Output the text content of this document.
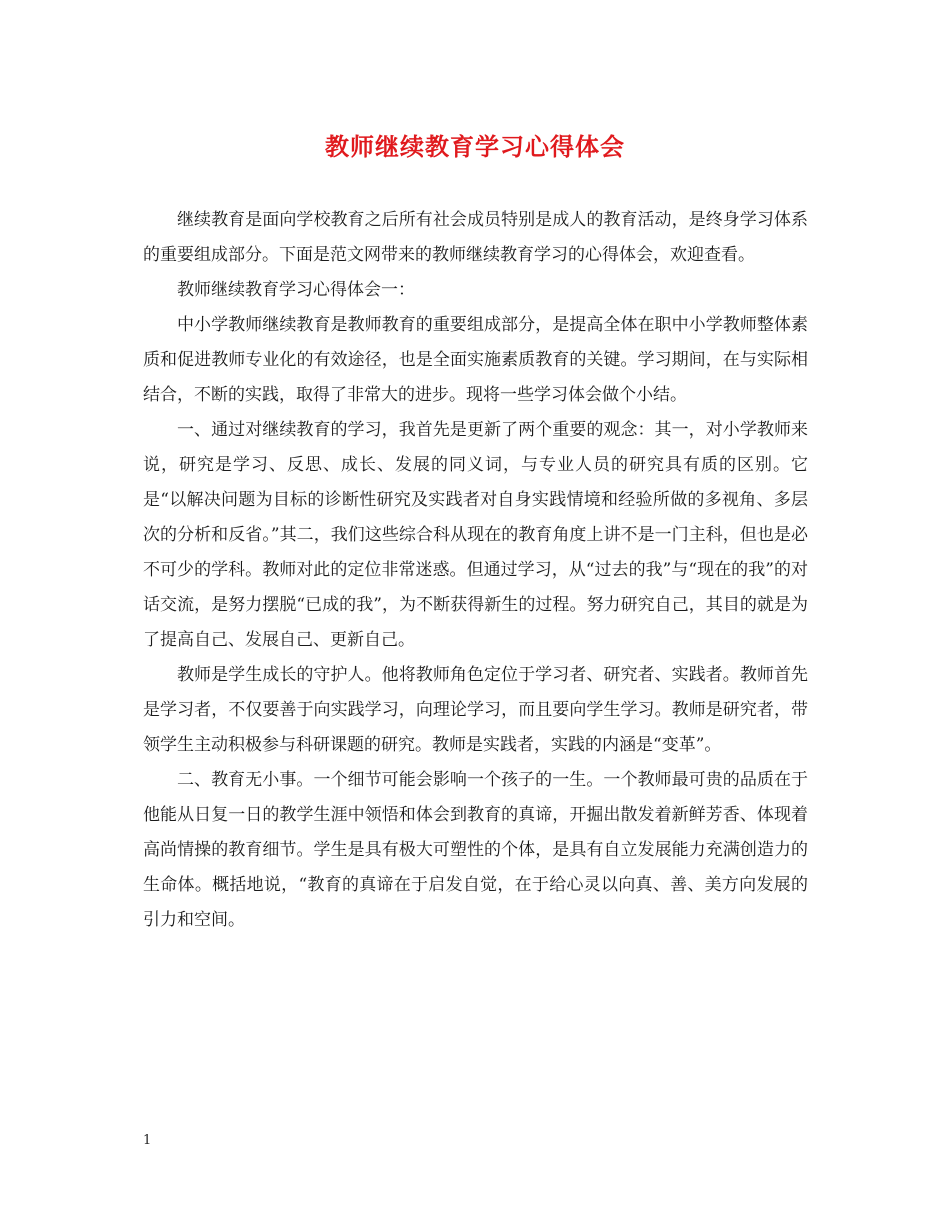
教师继续教育学习心得体会

继续教育是面向学校教育之后所有社会成员特别是成人的教育活动，是终身学习体系的重要组成部分。下面是范文网带来的教师继续教育学习的心得体会，欢迎查看。

教师继续教育学习心得体会一：

中小学教师继续教育是教师教育的重要组成部分，是提高全体在职中小学教师整体素质和促进教师专业化的有效途径，也是全面实施素质教育的关键。学习期间，在与实际相结合，不断的实践，取得了非常大的进步。现将一些学习体会做个小结。

一、通过对继续教育的学习，我首先是更新了两个重要的观念：其一，对小学教师来说，研究是学习、反思、成长、发展的同义词，与专业人员的研究具有质的区别。它是“以解决问题为目标的诊断性研究及实践者对自身实践情境和经验所做的多视角、多层次的分析和反省。”其二，我们这些综合科从现在的教育角度上讲不是一门主科，但也是必不可少的学科。教师对此的定位非常迷惑。但通过学习，从“过去的我”与“现在的我”的对话交流，是努力摆脱“已成的我”，为不断获得新生的过程。努力研究自己，其目的就是为了提高自己、发展自己、更新自己。

教师是学生成长的守护人。他将教师角色定位于学习者、研究者、实践者。教师首先是学习者，不仅要善于向实践学习，向理论学习，而且要向学生学习。教师是研究者，带领学生主动积极参与科研课题的研究。教师是实践者，实践的内涵是“变革”。

二、教育无小事。一个细节可能会影响一个孩子的一生。一个教师最可贵的品质在于他能从日复一日的教学生涯中领悟和体会到教育的真谛，开掘出散发着新鲜芳香、体现着高尚情操的教育细节。学生是具有极大可塑性的个体，是具有自立发展能力充满创造力的生命体。概括地说，“教育的真谛在于启发自觉，在于给心灵以向真、善、美方向发展的引力和空间。

1
